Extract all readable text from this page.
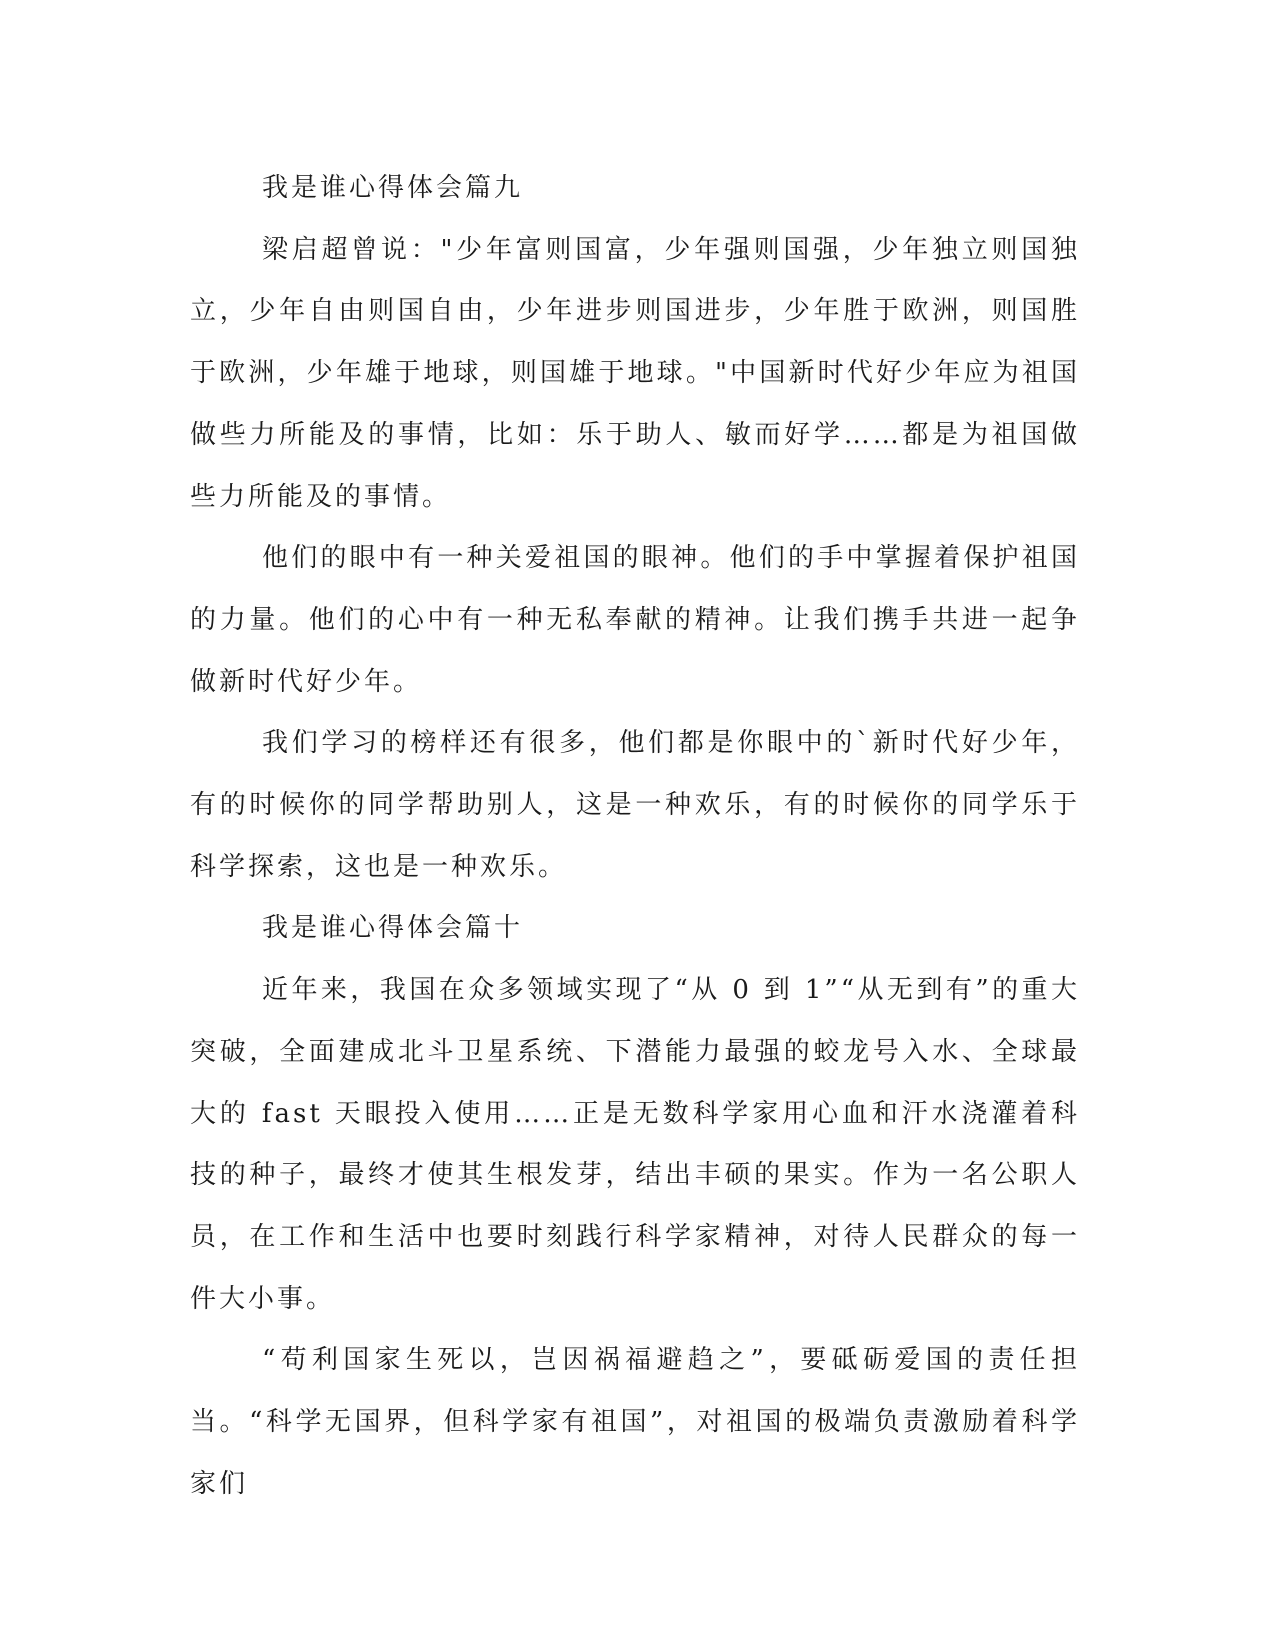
我是谁心得体会篇九

梁启超曾说："少年富则国富，少年强则国强，少年独立则国独立，少年自由则国自由，少年进步则国进步，少年胜于欧洲，则国胜于欧洲，少年雄于地球，则国雄于地球。"中国新时代好少年应为祖国做些力所能及的事情，比如：乐于助人、敏而好学……都是为祖国做些力所能及的事情。

他们的眼中有一种关爱祖国的眼神。他们的手中掌握着保护祖国的力量。他们的心中有一种无私奉献的精神。让我们携手共进一起争做新时代好少年。

我们学习的榜样还有很多，他们都是你眼中的`新时代好少年，有的时候你的同学帮助别人，这是一种欢乐，有的时候你的同学乐于科学探索，这也是一种欢乐。

我是谁心得体会篇十

近年来，我国在众多领域实现了“从 0 到 1”“从无到有”的重大突破，全面建成北斗卫星系统、下潜能力最强的蛟龙号入水、全球最大的 fast 天眼投入使用……正是无数科学家用心血和汗水浇灌着科技的种子，最终才使其生根发芽，结出丰硕的果实。作为一名公职人员，在工作和生活中也要时刻践行科学家精神，对待人民群众的每一件大小事。

“苟利国家生死以，岂因祸福避趋之”，要砥砺爱国的责任担当。“科学无国界，但科学家有祖国”，对祖国的极端负责激励着科学家们
